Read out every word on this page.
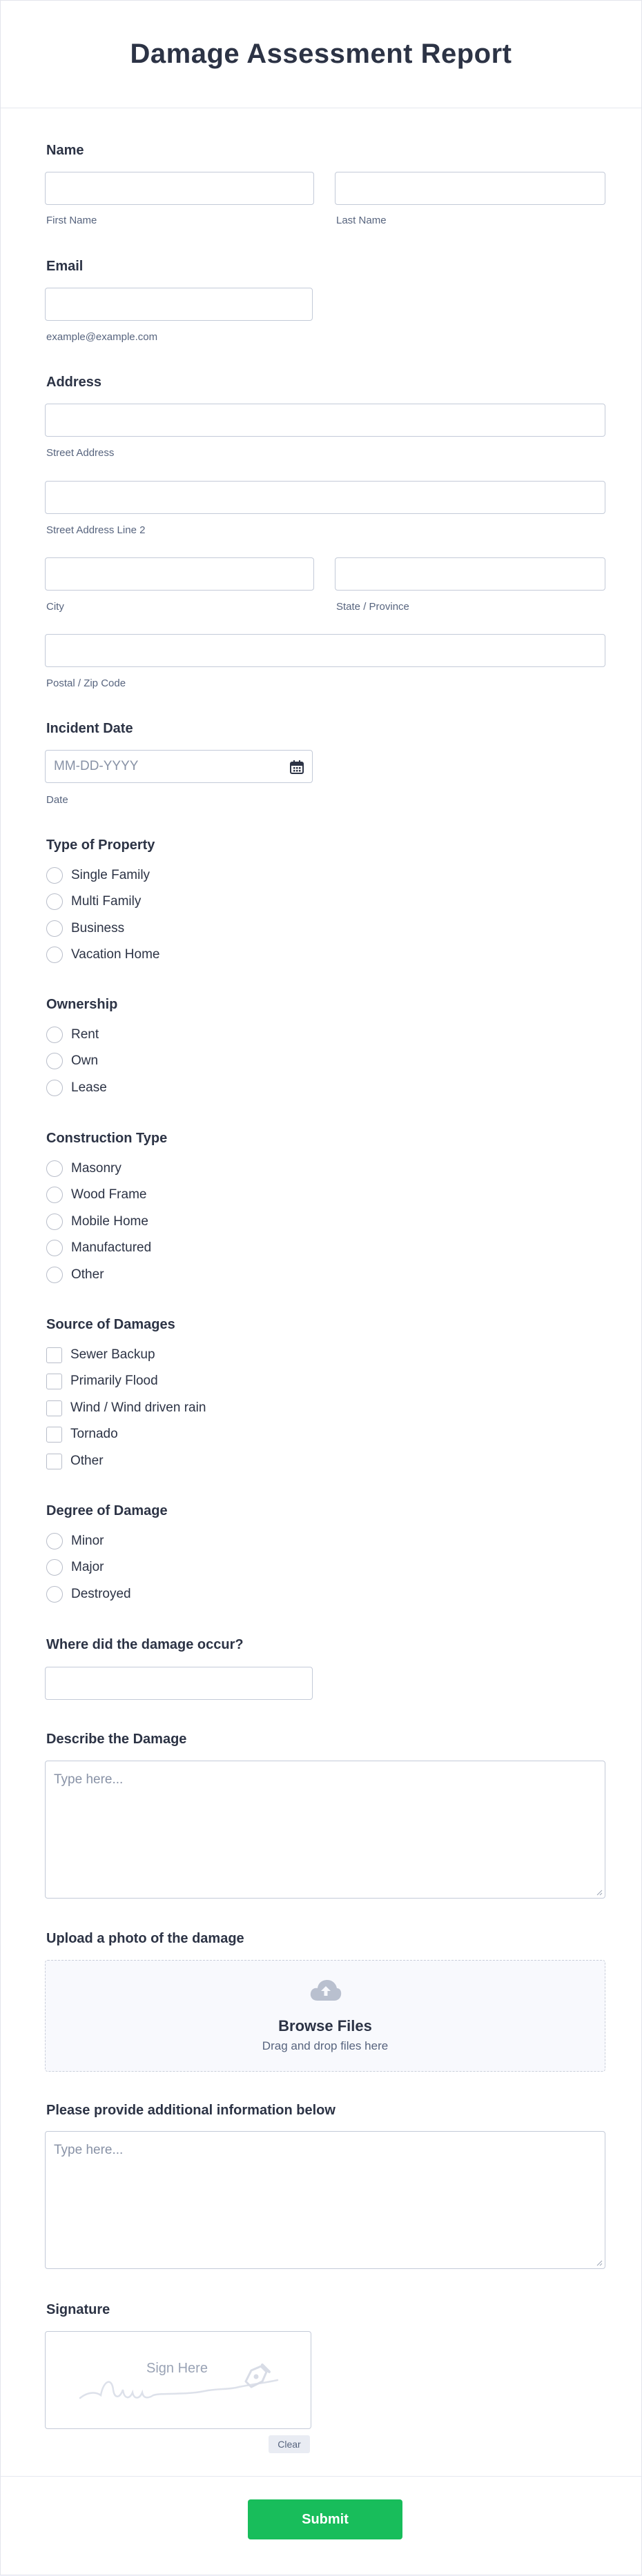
Damage Assessment Report
Name
First Name	Last Name
Email
example@example.com
Address
Street Address
Street Address Line 2
City	State / Province
Postal / Zip Code
Incident Date
MM-DD-YYYY
Date
Type of Property
Single Family
Multi Family
Business
Vacation Home
Ownership
Rent
Own
Lease
Construction Type
Masonry
Wood Frame
Mobile Home
Manufactured
Other
Source of Damages
Sewer Backup
Primarily Flood
Wind / Wind driven rain
Tornado
Other
Degree of Damage
Minor
Major
Destroyed
Where did the damage occur?
Describe the Damage
Type here...
Upload a photo of the damage
Browse Files
Drag and drop files here
Please provide additional information below
Type here...
Signature
Sign Here
Clear
Submit
